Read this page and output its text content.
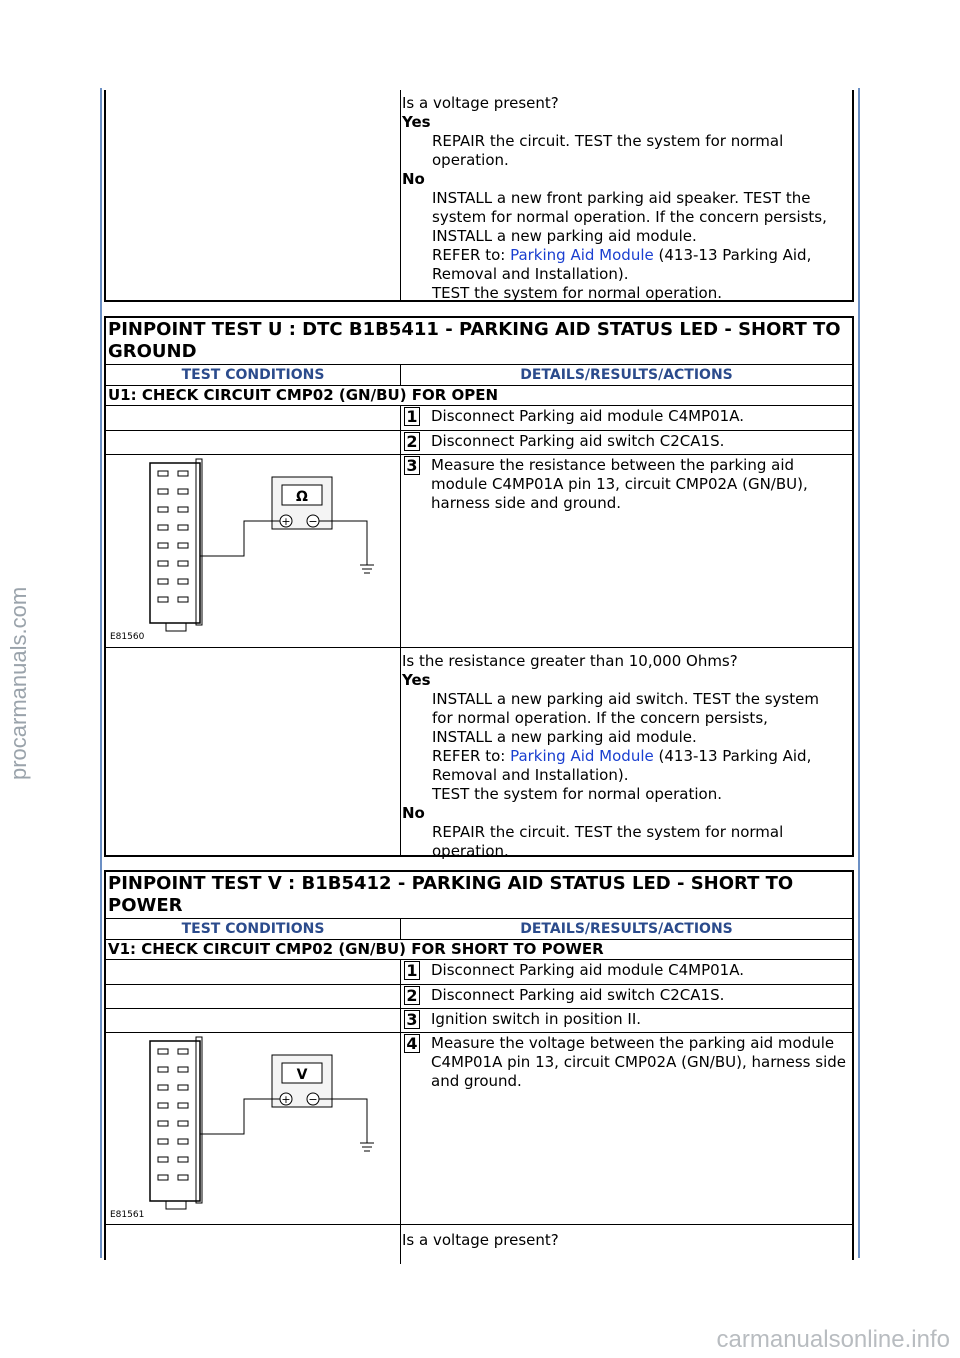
procarmanuals.com
carmanualsonline.info
Is a voltage present?
Yes
REPAIR the circuit. TEST the system for normal
operation.
No
INSTALL a new front parking aid speaker. TEST the
system for normal operation. If the concern persists,
INSTALL a new parking aid module.
REFER to: Parking Aid Module (413-13 Parking Aid,
Removal and Installation).
TEST the system for normal operation.
PINPOINT TEST U : DTC B1B5411 - PARKING AID STATUS LED - SHORT TO GROUND
TEST CONDITIONS	DETAILS/RESULTS/ACTIONS
U1: CHECK CIRCUIT CMP02 (GN/BU) FOR OPEN
1 Disconnect Parking aid module C4MP01A.
2 Disconnect Parking aid switch C2CA1S.
Ω
+ −
E81560
3 Measure the resistance between the parking aid module C4MP01A pin 13, circuit CMP02A (GN/BU), harness side and ground.
Is the resistance greater than 10,000 Ohms?
Yes
INSTALL a new parking aid switch. TEST the system
for normal operation. If the concern persists,
INSTALL a new parking aid module.
REFER to: Parking Aid Module (413-13 Parking Aid,
Removal and Installation).
TEST the system for normal operation.
No
REPAIR the circuit. TEST the system for normal
operation.
PINPOINT TEST V : B1B5412 - PARKING AID STATUS LED - SHORT TO POWER
TEST CONDITIONS	DETAILS/RESULTS/ACTIONS
V1: CHECK CIRCUIT CMP02 (GN/BU) FOR SHORT TO POWER
1 Disconnect Parking aid module C4MP01A.
2 Disconnect Parking aid switch C2CA1S.
3 Ignition switch in position II.
V
+ −
E81561
4 Measure the voltage between the parking aid module C4MP01A pin 13, circuit CMP02A (GN/BU), harness side and ground.
Is a voltage present?
